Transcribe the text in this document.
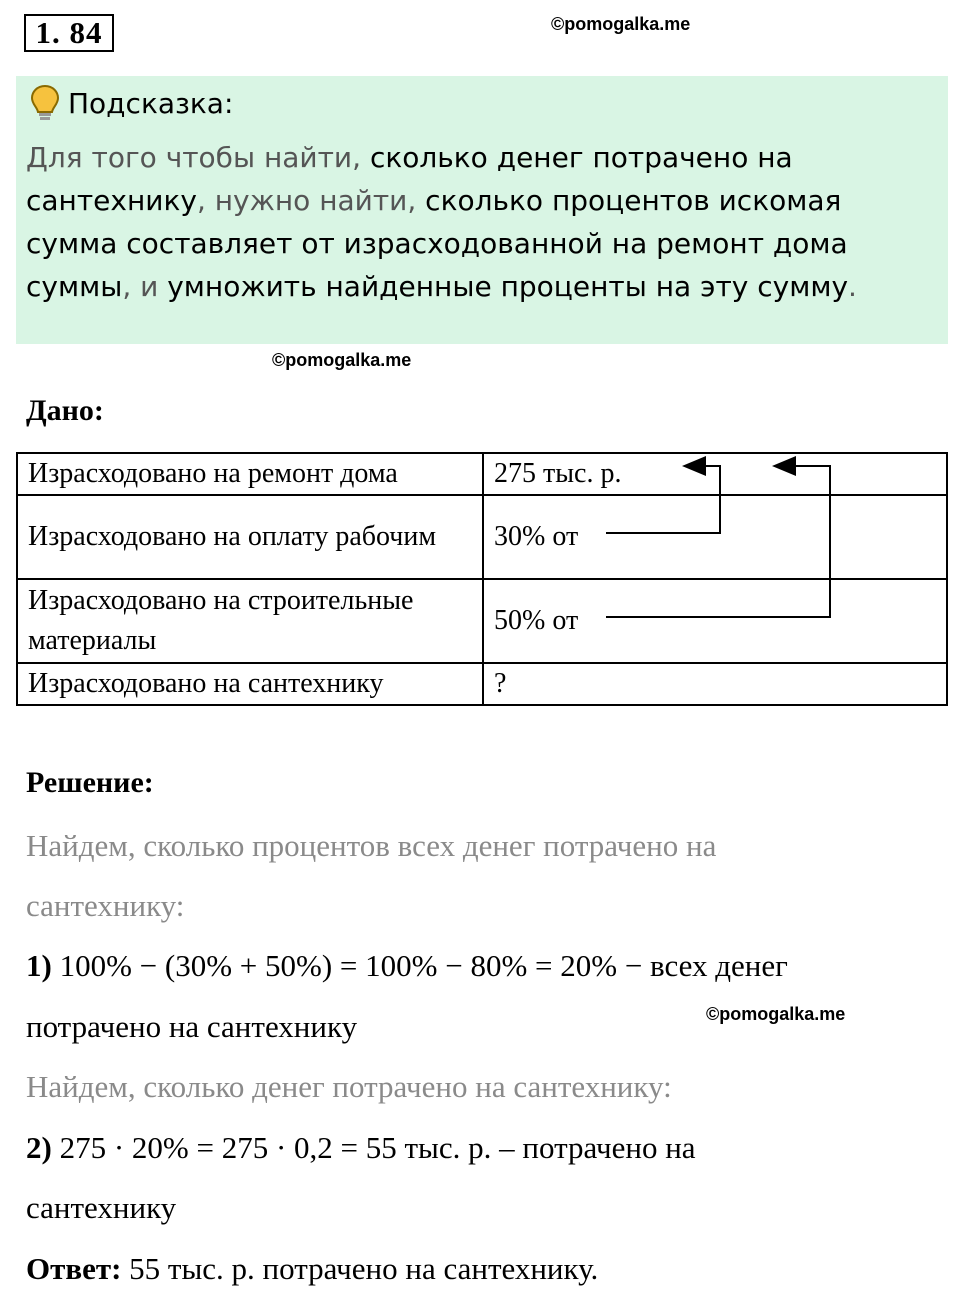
1. 84	©pomogalka.me
Подсказка:
Для того чтобы найти, сколько денег потрачено на сантехнику, нужно найти, сколько процентов искомая сумма составляет от израсходованной на ремонт дома суммы, и умножить найденные проценты на эту сумму.
©pomogalka.me
Дано:
Израсходовано на ремонт дома	275 тыс. р.
Израсходовано на оплату рабочим	30% от
Израсходовано на строительные материалы	50% от
Израсходовано на сантехнику	?
Решение:
Найдем, сколько процентов всех денег потрачено на
сантехнику:
1) 100% − (30% + 50%) = 100% − 80% = 20% − всех денег
потрачено на сантехнику	©pomogalka.me
Найдем, сколько денег потрачено на сантехнику:
2) 275 · 20% = 275 · 0,2 = 55 тыс. р. – потрачено на
сантехнику
Ответ: 55 тыс. р. потрачено на сантехнику.
